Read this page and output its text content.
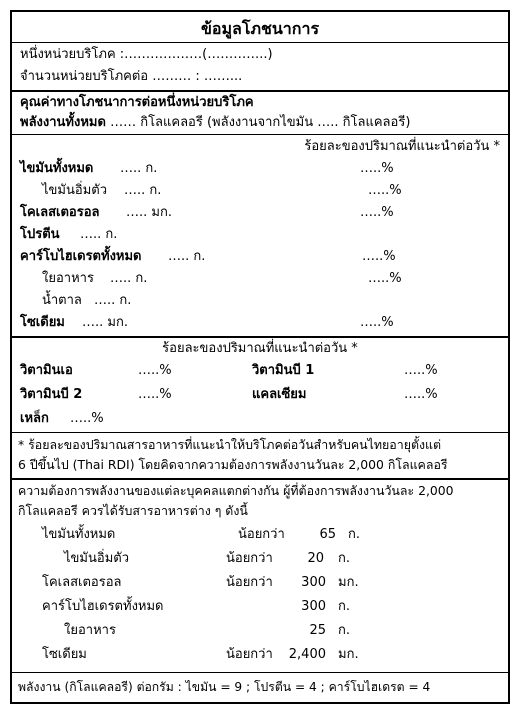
ข้อมูลโภชนาการ
หนึ่งหน่วยบริโภค :………………(…………..)
จำนวนหน่วยบริโภคต่อ ……… : ……...
คุณค่าทางโภชนาการต่อหนึ่งหน่วยบริโภค
พลังงานทั้งหมด …… กิโลแคลอรี (พลังงานจากไขมัน ….. กิโลแคลอรี)
ร้อยละของปริมาณที่แนะนำต่อวัน *
ไขมันทั้งหมด ….. ก.	…..%
ไขมันอิ่มตัว ….. ก.	…..%
โคเลสเตอรอล ….. มก.	…..%
โปรตีน ….. ก.
คาร์โบไฮเดรตทั้งหมด ….. ก.	…..%
ใยอาหาร ….. ก.	…..%
น้ำตาล ….. ก.
โซเดียม ….. มก.	…..%
ร้อยละของปริมาณที่แนะนำต่อวัน *
วิตามินเอ	…..%	วิตามินบี 1	…..%
วิตามินบี 2	…..%	แคลเซียม	…..%
เหล็ก …..%
* ร้อยละของปริมาณสารอาหารที่แนะนำให้บริโภคต่อวันสำหรับคนไทยอายุตั้งแต่
6 ปีขึ้นไป (Thai RDI) โดยคิดจากความต้องการพลังงานวันละ 2,000 กิโลแคลอรี
ความต้องการพลังงานของแต่ละบุคคลแตกต่างกัน ผู้ที่ต้องการพลังงานวันละ 2,000
กิโลแคลอรี ควรได้รับสารอาหารต่าง ๆ ดังนี้
ไขมันทั้งหมด	น้อยกว่า	65 ก.
ไขมันอิ่มตัว	น้อยกว่า	20 ก.
โคเลสเตอรอล	น้อยกว่า	300 มก.
คาร์โบไฮเดรตทั้งหมด	300 ก.
ใยอาหาร	25 ก.
โซเดียม	น้อยกว่า	2,400 มก.
พลังงาน (กิโลแคลอรี) ต่อกรัม : ไขมัน = 9 ; โปรตีน = 4 ; คาร์โบไฮเดรต = 4
